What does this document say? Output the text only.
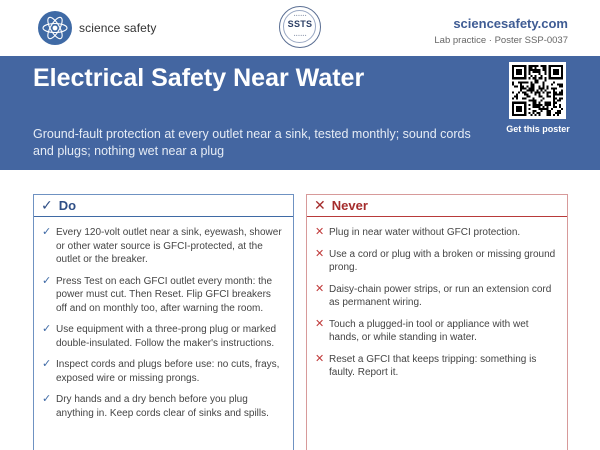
science safety
● ● ● ● ● ●
SSTS
● ● ● ● ● ●
sciencesafety.com
Lab practice · Poster SSP-0037
Electrical Safety Near Water
Ground-fault protection at every outlet near a sink, tested monthly; sound cords and plugs; nothing wet near a plug
Get this poster
✓ Do
✓ Every 120-volt outlet near a sink, eyewash, shower or other water source is GFCI-protected, at the outlet or the breaker.
✓ Press Test on each GFCI outlet every month: the power must cut. Then Reset. Flip GFCI breakers off and on monthly too, after warning the room.
✓ Use equipment with a three-prong plug or marked double-insulated. Follow the maker's instructions.
✓ Inspect cords and plugs before use: no cuts, frays, exposed wire or missing prongs.
✓ Dry hands and a dry bench before you plug anything in. Keep cords clear of sinks and spills.
✕ Never
✕ Plug in near water without GFCI protection.
✕ Use a cord or plug with a broken or missing ground prong.
✕ Daisy-chain power strips, or run an extension cord as permanent wiring.
✕ Touch a plugged-in tool or appliance with wet hands, or while standing in water.
✕ Reset a GFCI that keeps tripping: something is faulty. Report it.
